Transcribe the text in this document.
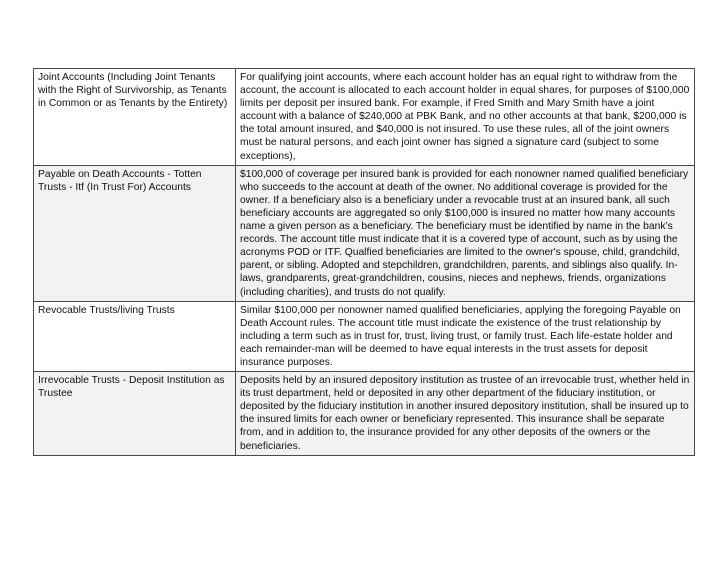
Joint Accounts (Including Joint Tenants with the Right of Survivorship, as Tenants in Common or as Tenants by the Entirety)	For qualifying joint accounts, where each account holder has an equal right to withdraw from the account, the account is allocated to each account holder in equal shares, for purposes of $100,000 limits per deposit per insured bank. For example, if Fred Smith and Mary Smith have a joint account with a balance of $240,000 at PBK Bank, and no other accounts at that bank, $200,000 is the total amount insured, and $40,000 is not insured. To use these rules, all of the joint owners must be natural persons, and each joint owner has signed a signature card (subject to some exceptions),
Payable on Death Accounts - Totten Trusts - Itf (In Trust For) Accounts	$100,000 of coverage per insured bank is provided for each nonowner named qualified beneficiary who succeeds to the account at death of the owner. No additional coverage is provided for the owner. If a beneficiary also is a beneficiary under a revocable trust at an insured bank, all such beneficiary accounts are aggregated so only $100,000 is insured no matter how many accounts name a given person as a beneficiary. The beneficiary must be identified by name in the bank’s records. The account title must indicate that it is a covered type of account, such as by using the acronyms POD or ITF. Qualfied beneficiaries are limited to the owner's spouse, child, grandchild, parent, or sibling. Adopted and stepchildren, grandchildren, parents, and siblings also qualify. In-laws, grandparents, great-grandchildren, cousins, nieces and nephews, friends, organizations (including charities), and trusts do not qualify.
Revocable Trusts/living Trusts	Similar $100,000 per nonowner named qualified beneficiaries, applying the foregoing Payable on Death Account rules. The account title must indicate the existence of the trust relationship by including a term such as in trust for, trust, living trust, or family trust. Each life-estate holder and each remainder-man will be deemed to have equal interests in the trust assets for deposit insurance purposes.
Irrevocable Trusts - Deposit Institution as Trustee	Deposits held by an insured depository institution as trustee of an irrevocable trust, whether held in its trust department, held or deposited in any other department of the fiduciary institution, or deposited by the fiduciary institution in another insured depository institution, shall be insured up to the insured limits for each owner or beneficiary represented. This insurance shall be separate from, and in addition to, the insurance provided for any other deposits of the owners or the beneficiaries.
